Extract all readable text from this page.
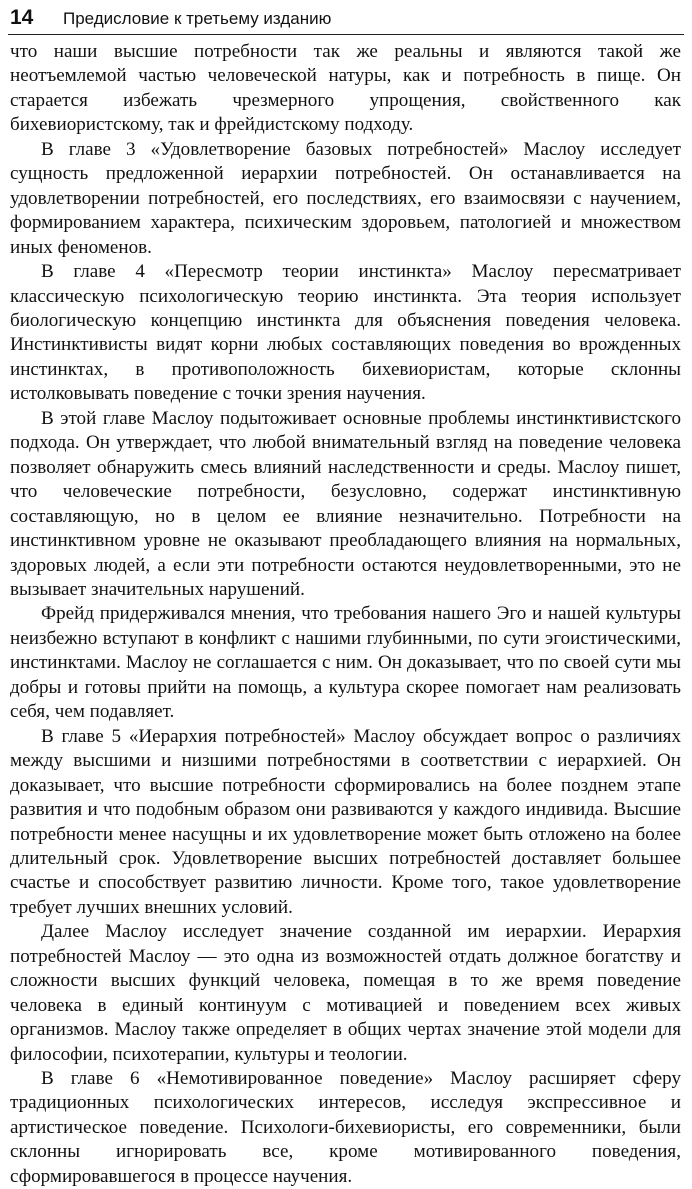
14 Предисловие к третьему изданию

что наши высшие потребности так же реальны и являются такой же неотъемлемой частью человеческой натуры, как и потребность в пище. Он старается избежать чрезмерного упрощения, свойственного как бихевиористскому, так и фрейдистскому подходу.

В главе 3 «Удовлетворение базовых потребностей» Маслоу исследует сущность предложенной иерархии потребностей. Он останавливается на удовлетворении потребностей, его последствиях, его взаимосвязи с научением, формированием характера, психическим здоровьем, патологией и множеством иных феноменов.

В главе 4 «Пересмотр теории инстинкта» Маслоу пересматривает классическую психологическую теорию инстинкта. Эта теория использует биологическую концепцию инстинкта для объяснения поведения человека. Инстинктивисты видят корни любых составляющих поведения во врожденных инстинктах, в противоположность бихевиористам, которые склонны истолковывать поведение с точки зрения научения.

В этой главе Маслоу подытоживает основные проблемы инстинктивистского подхода. Он утверждает, что любой внимательный взгляд на поведение человека позволяет обнаружить смесь влияний наследственности и среды. Маслоу пишет, что человеческие потребности, безусловно, содержат инстинктивную составляющую, но в целом ее влияние незначительно. Потребности на инстинктивном уровне не оказывают преобладающего влияния на нормальных, здоровых людей, а если эти потребности остаются неудовлетворенными, это не вызывает значительных нарушений.

Фрейд придерживался мнения, что требования нашего Эго и нашей культуры неизбежно вступают в конфликт с нашими глубинными, по сути эгоистическими, инстинктами. Маслоу не соглашается с ним. Он доказывает, что по своей сути мы добры и готовы прийти на помощь, а культура скорее помогает нам реализовать себя, чем подавляет.

В главе 5 «Иерархия потребностей» Маслоу обсуждает вопрос о различиях между высшими и низшими потребностями в соответствии с иерархией. Он доказывает, что высшие потребности сформировались на более позднем этапе развития и что подобным образом они развиваются у каждого индивида. Высшие потребности менее насущны и их удовлетворение может быть отложено на более длительный срок. Удовлетворение высших потребностей доставляет большее счастье и способствует развитию личности. Кроме того, такое удовлетворение требует лучших внешних условий.

Далее Маслоу исследует значение созданной им иерархии. Иерархия потребностей Маслоу — это одна из возможностей отдать должное богатству и сложности высших функций человека, помещая в то же время поведение человека в единый континуум с мотивацией и поведением всех живых организмов. Маслоу также определяет в общих чертах значение этой модели для философии, психотерапии, культуры и теологии.

В главе 6 «Немотивированное поведение» Маслоу расширяет сферу традиционных психологических интересов, исследуя экспрессивное и артистическое поведение. Психологи-бихевиористы, его современники, были склонны игнорировать все, кроме мотивированного поведения, сформировавшегося в процессе научения.
